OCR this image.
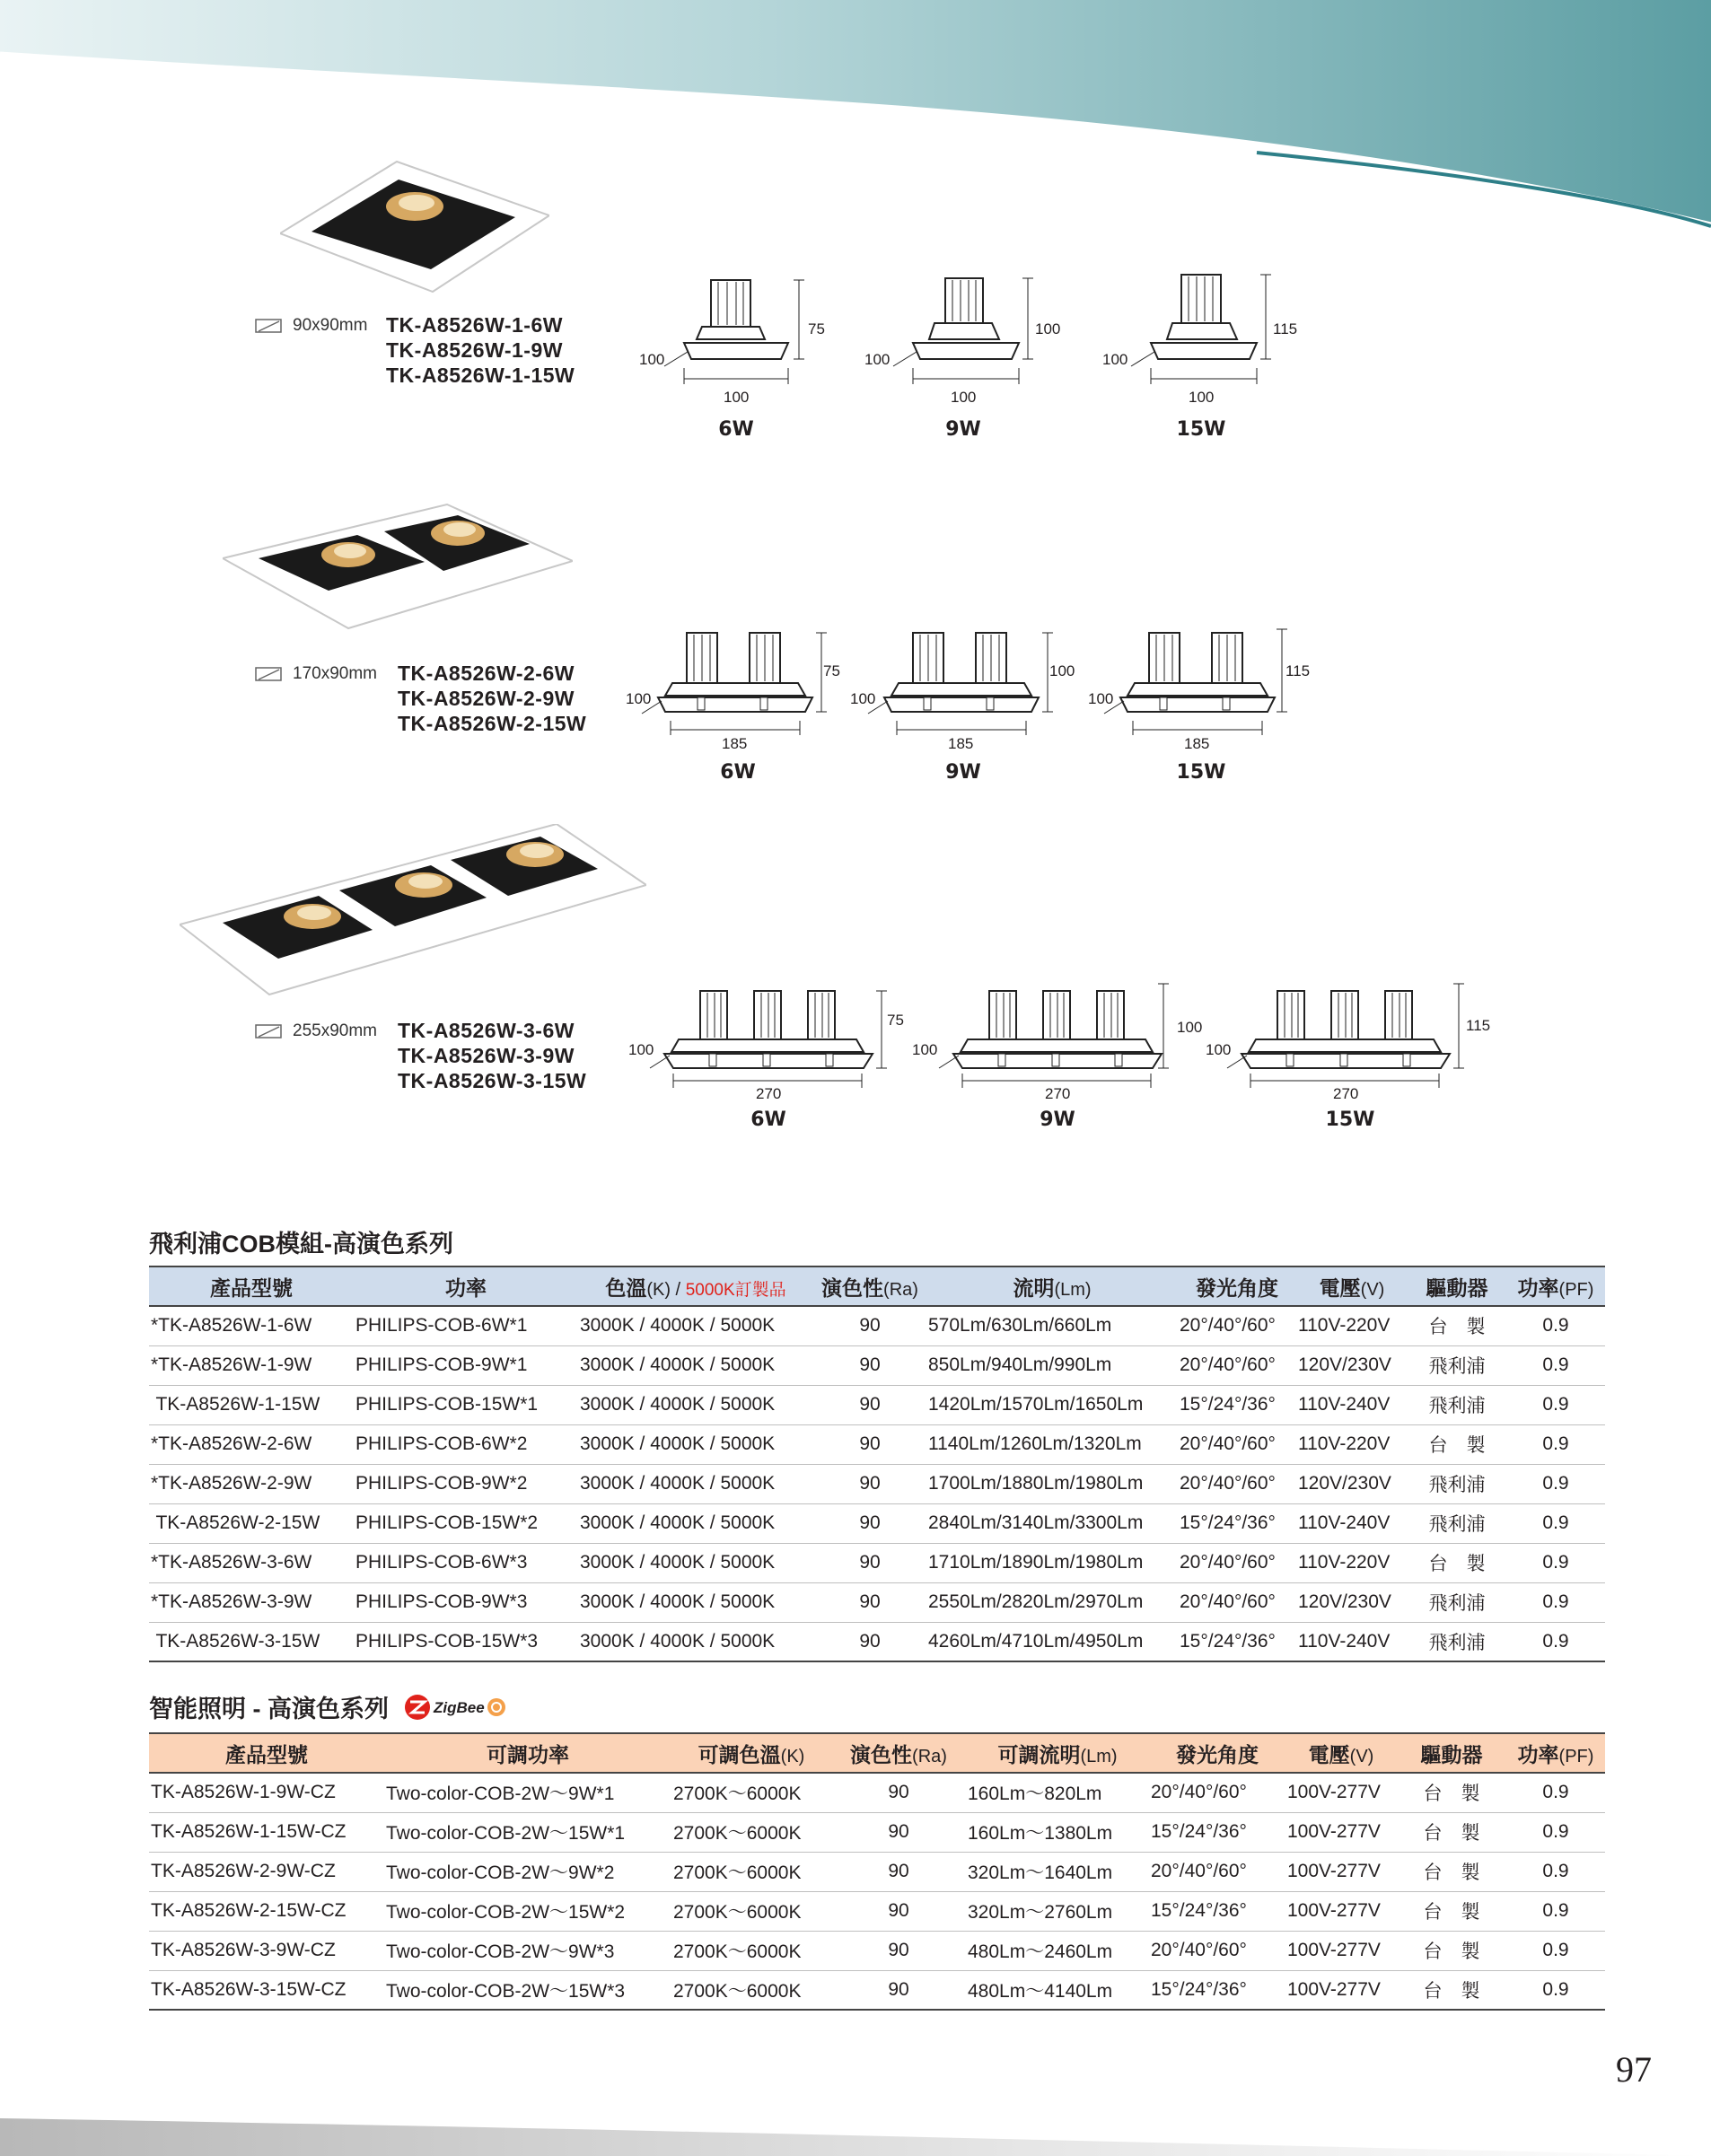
90x90mm TK-A8526W-1-6W
TK-A8526W-1-9W
TK-A8526W-1-15W
75
100
100
6W
100
100
100
9W
115
100
100
15W
170x90mm TK-A8526W-2-6W
TK-A8526W-2-9W
TK-A8526W-2-15W
75
100
185
6W
100
100
185
9W
115
100
185
15W
255x90mm TK-A8526W-3-6W
TK-A8526W-3-9W
TK-A8526W-3-15W
75
100
270
6W
100
100
270
9W
115
100
270
15W
飛利浦COB模組-高演色系列
產品型號	功率	色溫(K) / 5000K訂製品	演色性(Ra)	流明(Lm)	發光角度	電壓(V)	驅動器	功率(PF)
*TK-A8526W-1-6W	PHILIPS-COB-6W*1	3000K / 4000K / 5000K	90	570Lm/630Lm/660Lm	20°/40°/60°	110V-220V	台　製	0.9
*TK-A8526W-1-9W	PHILIPS-COB-9W*1	3000K / 4000K / 5000K	90	850Lm/940Lm/990Lm	20°/40°/60°	120V/230V	飛利浦	0.9
TK-A8526W-1-15W	PHILIPS-COB-15W*1	3000K / 4000K / 5000K	90	1420Lm/1570Lm/1650Lm	15°/24°/36°	110V-240V	飛利浦	0.9
*TK-A8526W-2-6W	PHILIPS-COB-6W*2	3000K / 4000K / 5000K	90	1140Lm/1260Lm/1320Lm	20°/40°/60°	110V-220V	台　製	0.9
*TK-A8526W-2-9W	PHILIPS-COB-9W*2	3000K / 4000K / 5000K	90	1700Lm/1880Lm/1980Lm	20°/40°/60°	120V/230V	飛利浦	0.9
TK-A8526W-2-15W	PHILIPS-COB-15W*2	3000K / 4000K / 5000K	90	2840Lm/3140Lm/3300Lm	15°/24°/36°	110V-240V	飛利浦	0.9
*TK-A8526W-3-6W	PHILIPS-COB-6W*3	3000K / 4000K / 5000K	90	1710Lm/1890Lm/1980Lm	20°/40°/60°	110V-220V	台　製	0.9
*TK-A8526W-3-9W	PHILIPS-COB-9W*3	3000K / 4000K / 5000K	90	2550Lm/2820Lm/2970Lm	20°/40°/60°	120V/230V	飛利浦	0.9
TK-A8526W-3-15W	PHILIPS-COB-15W*3	3000K / 4000K / 5000K	90	4260Lm/4710Lm/4950Lm	15°/24°/36°	110V-240V	飛利浦	0.9
智能照明 - 高演色系列	ZigBee
產品型號	可調功率	可調色溫(K)	演色性(Ra)	可調流明(Lm)	發光角度	電壓(V)	驅動器	功率(PF)
TK-A8526W-1-9W-CZ	Two-color-COB-2W～9W*1	2700K～6000K	90	160Lm～820Lm	20°/40°/60°	100V-277V	台　製	0.9
TK-A8526W-1-15W-CZ	Two-color-COB-2W～15W*1	2700K～6000K	90	160Lm～1380Lm	15°/24°/36°	100V-277V	台　製	0.9
TK-A8526W-2-9W-CZ	Two-color-COB-2W～9W*2	2700K～6000K	90	320Lm～1640Lm	20°/40°/60°	100V-277V	台　製	0.9
TK-A8526W-2-15W-CZ	Two-color-COB-2W～15W*2	2700K～6000K	90	320Lm～2760Lm	15°/24°/36°	100V-277V	台　製	0.9
TK-A8526W-3-9W-CZ	Two-color-COB-2W～9W*3	2700K～6000K	90	480Lm～2460Lm	20°/40°/60°	100V-277V	台　製	0.9
TK-A8526W-3-15W-CZ	Two-color-COB-2W～15W*3	2700K～6000K	90	480Lm～4140Lm	15°/24°/36°	100V-277V	台　製	0.9
97
